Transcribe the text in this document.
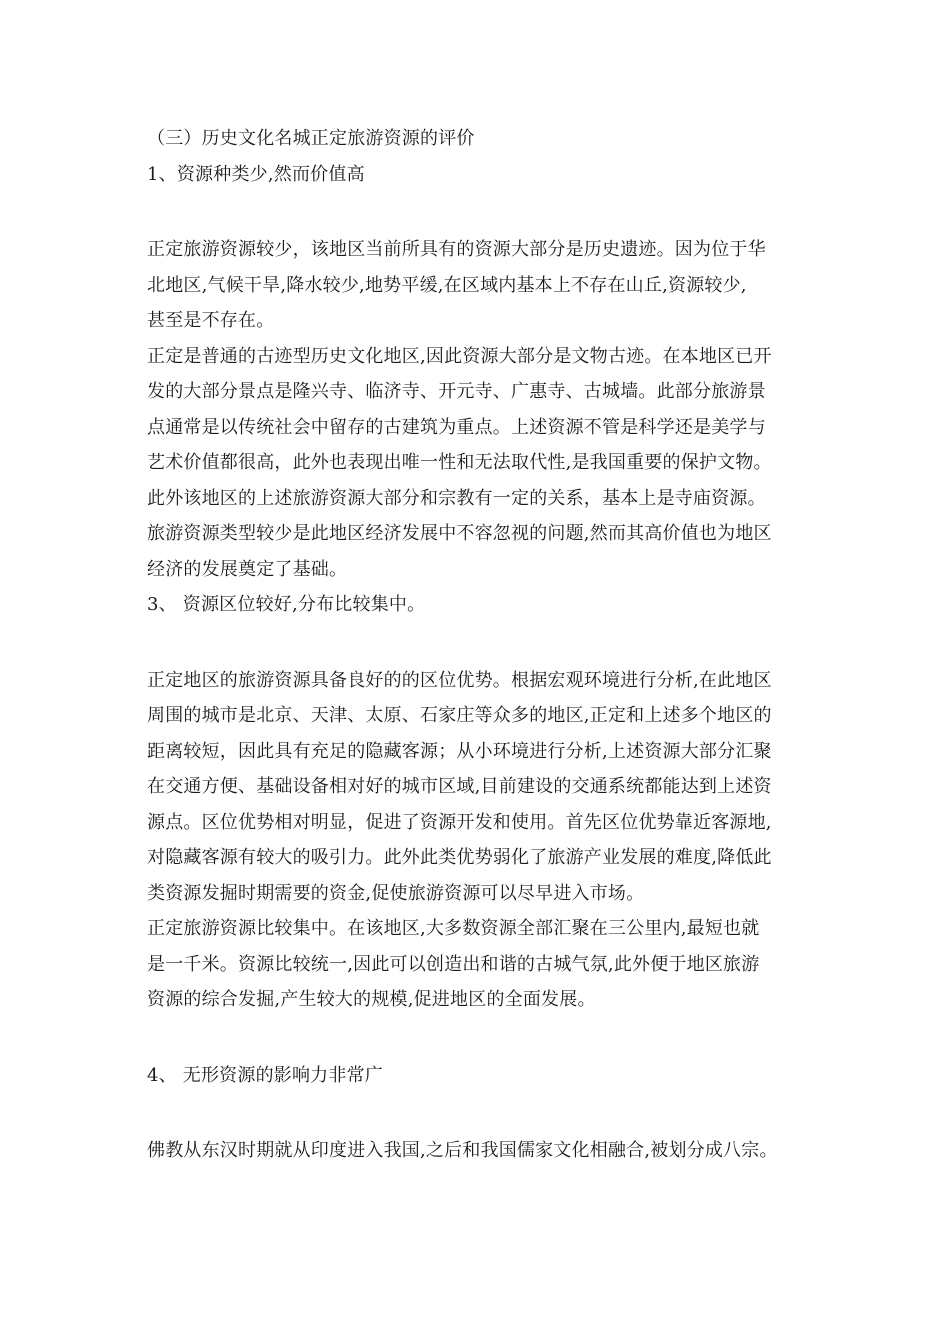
（三）历史文化名城正定旅游资源的评价
1、资源种类少,然而价值高
正定旅游资源较少，该地区当前所具有的资源大部分是历史遗迹。因为位于华
北地区,气候干旱,降水较少,地势平缓,在区域内基本上不存在山丘,资源较少,
甚至是不存在。
正定是普通的古迹型历史文化地区,因此资源大部分是文物古迹。在本地区已开
发的大部分景点是隆兴寺、临济寺、开元寺、广惠寺、古城墙。此部分旅游景
点通常是以传统社会中留存的古建筑为重点。上述资源不管是科学还是美学与
艺术价值都很高，此外也表现出唯一性和无法取代性,是我国重要的保护文物。
此外该地区的上述旅游资源大部分和宗教有一定的关系，基本上是寺庙资源。
旅游资源类型较少是此地区经济发展中不容忽视的问题,然而其高价值也为地区
经济的发展奠定了基础。
3、 资源区位较好,分布比较集中。
正定地区的旅游资源具备良好的的区位优势。根据宏观环境进行分析,在此地区
周围的城市是北京、天津、太原、石家庄等众多的地区,正定和上述多个地区的
距离较短，因此具有充足的隐藏客源；从小环境进行分析,上述资源大部分汇聚
在交通方便、基础设备相对好的城市区域,目前建设的交通系统都能达到上述资
源点。区位优势相对明显，促进了资源开发和使用。首先区位优势靠近客源地,
对隐藏客源有较大的吸引力。此外此类优势弱化了旅游产业发展的难度,降低此
类资源发掘时期需要的资金,促使旅游资源可以尽早进入市场。
正定旅游资源比较集中。在该地区,大多数资源全部汇聚在三公里内,最短也就
是一千米。资源比较统一,因此可以创造出和谐的古城气氛,此外便于地区旅游
资源的综合发掘,产生较大的规模,促进地区的全面发展。
4、 无形资源的影响力非常广
佛教从东汉时期就从印度进入我国,之后和我国儒家文化相融合,被划分成八宗。
